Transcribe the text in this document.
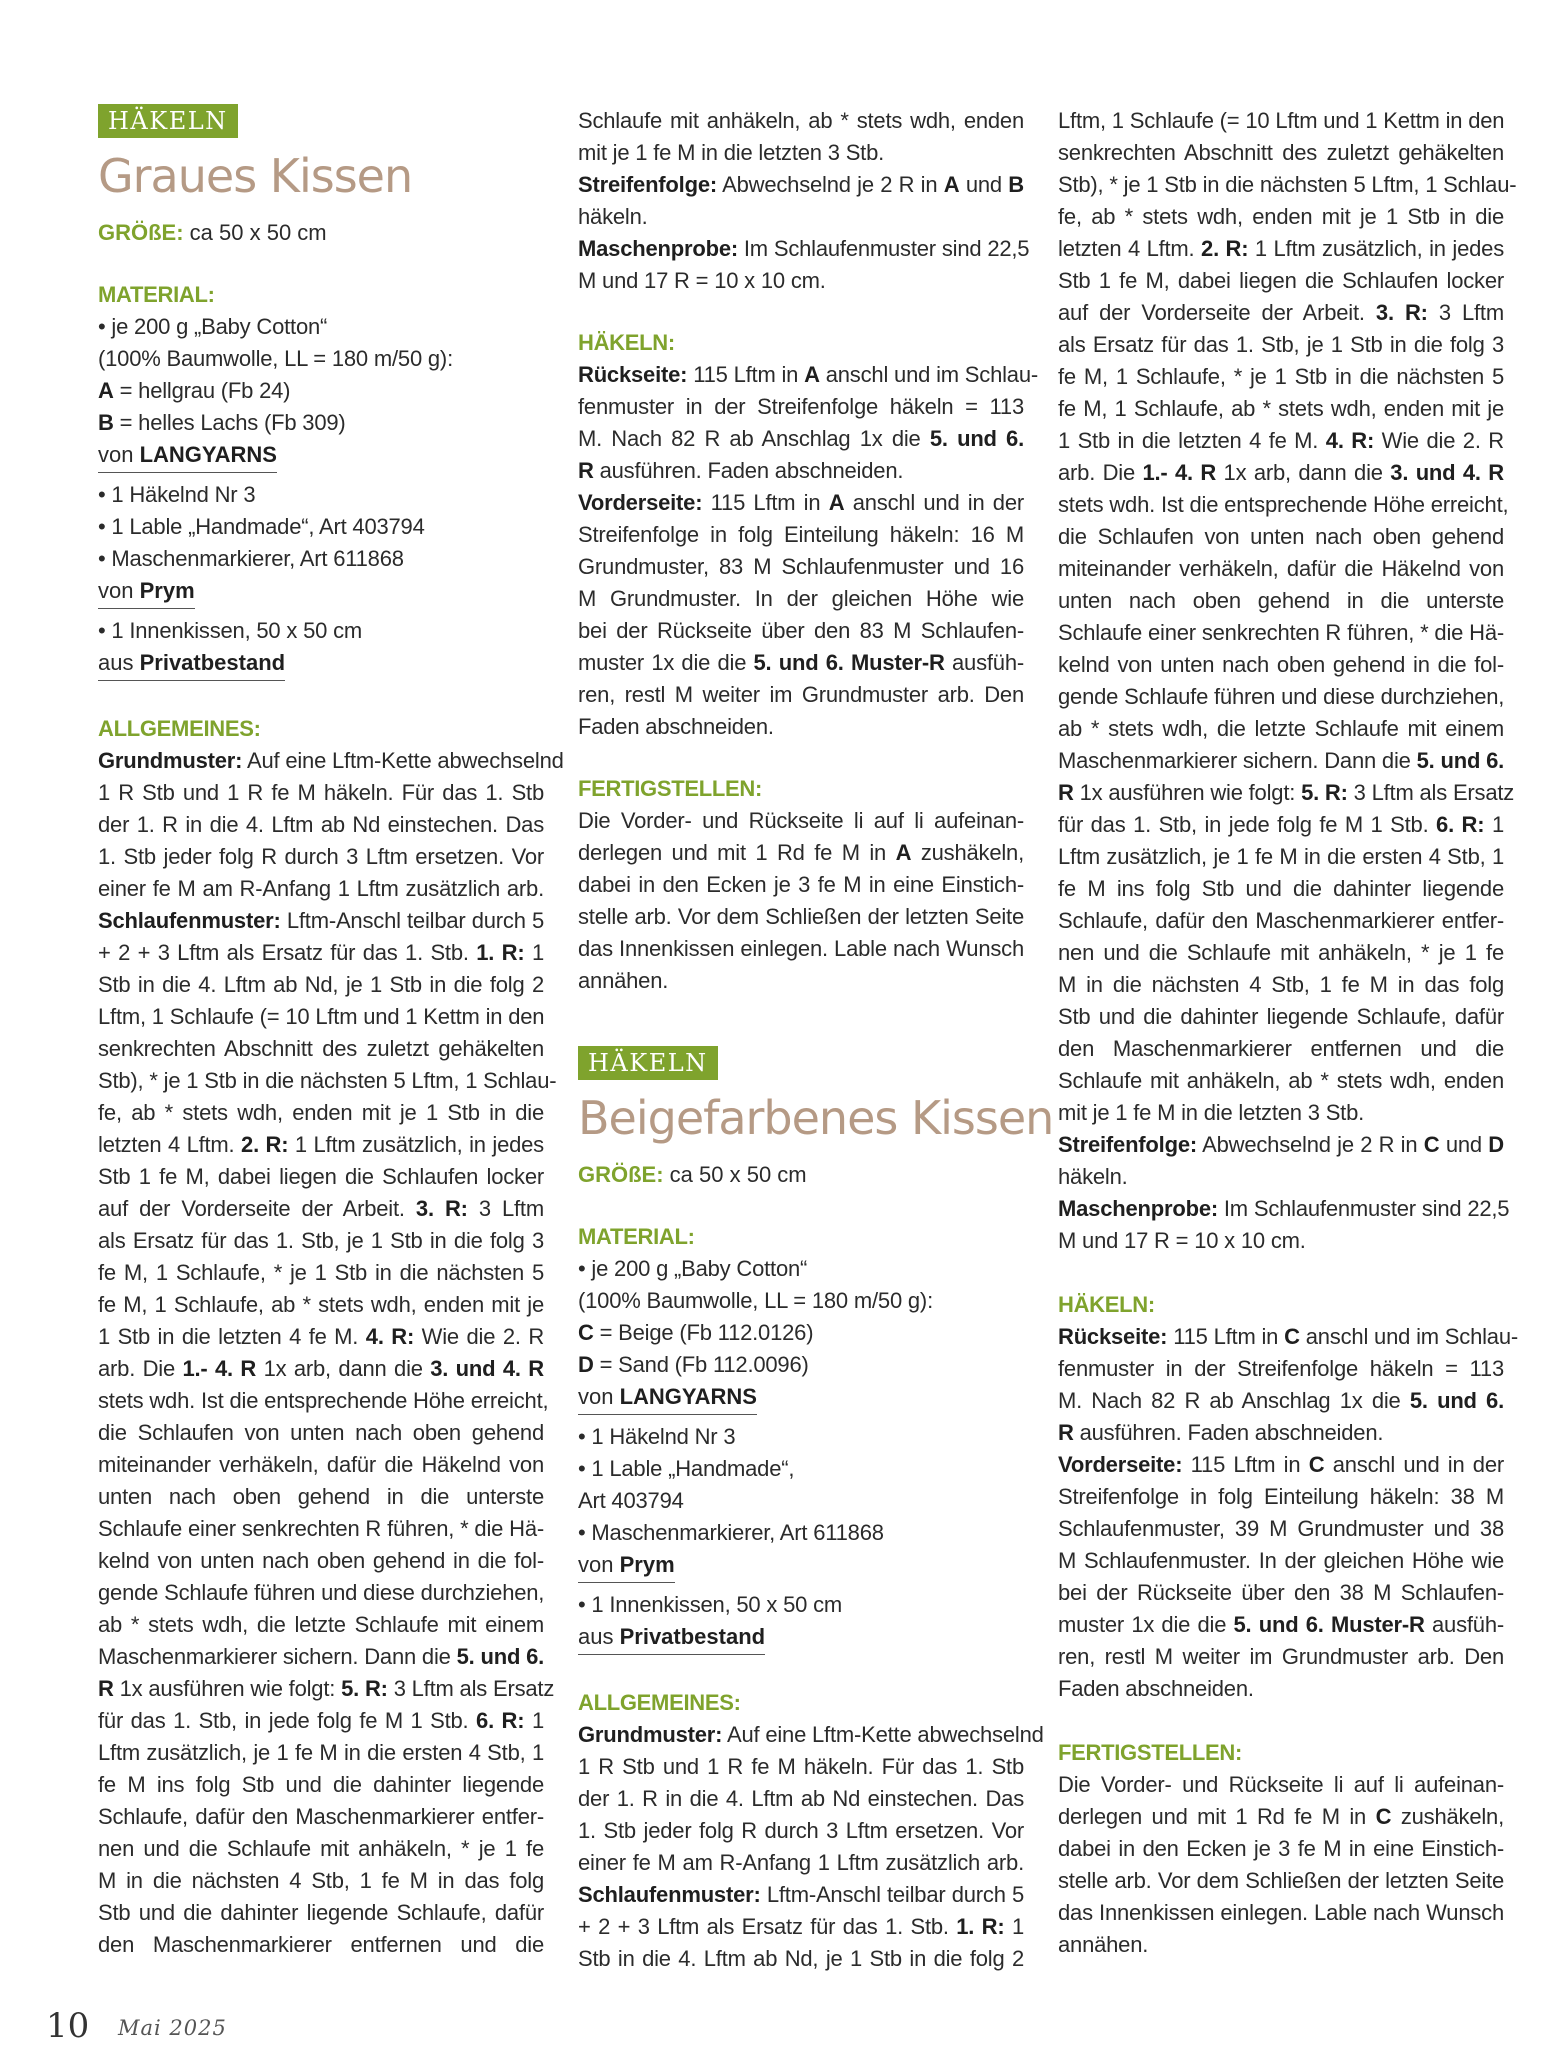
HÄKELN
Graues Kissen
GRÖßE: ca 50 x 50 cm
MATERIAL:
• je 200 g „Baby Cotton“
(100% Baumwolle, LL = 180 m/50 g):
A = hellgrau (Fb 24)
B = helles Lachs (Fb 309)
von LANGYARNS
• 1 Häkelnd Nr 3
• 1 Lable „Handmade“, Art 403794
• Maschenmarkierer, Art 611868
von Prym
• 1 Innenkissen, 50 x 50 cm
aus Privatbestand
ALLGEMEINES:
Grundmuster: Auf eine Lftm-Kette abwechselnd
1 R Stb und 1 R fe M häkeln. Für das 1. Stb
der 1. R in die 4. Lftm ab Nd einstechen. Das
1. Stb jeder folg R durch 3 Lftm ersetzen. Vor
einer fe M am R-Anfang 1 Lftm zusätzlich arb.
Schlaufenmuster: Lftm-Anschl teilbar durch 5
+ 2 + 3 Lftm als Ersatz für das 1. Stb. 1. R: 1
Stb in die 4. Lftm ab Nd, je 1 Stb in die folg 2
Lftm, 1 Schlaufe (= 10 Lftm und 1 Kettm in den
senkrechten Abschnitt des zuletzt gehäkelten
Stb), * je 1 Stb in die nächsten 5 Lftm, 1 Schlau-
fe, ab * stets wdh, enden mit je 1 Stb in die
letzten 4 Lftm. 2. R: 1 Lftm zusätzlich, in jedes
Stb 1 fe M, dabei liegen die Schlaufen locker
auf der Vorderseite der Arbeit. 3. R: 3 Lftm
als Ersatz für das 1. Stb, je 1 Stb in die folg 3
fe M, 1 Schlaufe, * je 1 Stb in die nächsten 5
fe M, 1 Schlaufe, ab * stets wdh, enden mit je
1 Stb in die letzten 4 fe M. 4. R: Wie die 2. R
arb. Die 1.- 4. R 1x arb, dann die 3. und 4. R
stets wdh. Ist die entsprechende Höhe erreicht,
die Schlaufen von unten nach oben gehend
miteinander verhäkeln, dafür die Häkelnd von
unten nach oben gehend in die unterste
Schlaufe einer senkrechten R führen, * die Hä-
kelnd von unten nach oben gehend in die fol-
gende Schlaufe führen und diese durchziehen,
ab * stets wdh, die letzte Schlaufe mit einem
Maschenmarkierer sichern. Dann die 5. und 6.
R 1x ausführen wie folgt: 5. R: 3 Lftm als Ersatz
für das 1. Stb, in jede folg fe M 1 Stb. 6. R: 1
Lftm zusätzlich, je 1 fe M in die ersten 4 Stb, 1
fe M ins folg Stb und die dahinter liegende
Schlaufe, dafür den Maschenmarkierer entfer-
nen und die Schlaufe mit anhäkeln, * je 1 fe
M in die nächsten 4 Stb, 1 fe M in das folg
Stb und die dahinter liegende Schlaufe, dafür
den Maschenmarkierer entfernen und die
Schlaufe mit anhäkeln, ab * stets wdh, enden
mit je 1 fe M in die letzten 3 Stb.
Streifenfolge: Abwechselnd je 2 R in A und B
häkeln.
Maschenprobe: Im Schlaufenmuster sind 22,5
M und 17 R = 10 x 10 cm.
HÄKELN:
Rückseite: 115 Lftm in A anschl und im Schlau-
fenmuster in der Streifenfolge häkeln = 113
M. Nach 82 R ab Anschlag 1x die 5. und 6.
R ausführen. Faden abschneiden.
Vorderseite: 115 Lftm in A anschl und in der
Streifenfolge in folg Einteilung häkeln: 16 M
Grundmuster, 83 M Schlaufenmuster und 16
M Grundmuster. In der gleichen Höhe wie
bei der Rückseite über den 83 M Schlaufen-
muster 1x die die 5. und 6. Muster-R ausfüh-
ren, restl M weiter im Grundmuster arb. Den
Faden abschneiden.
FERTIGSTELLEN:
Die Vorder- und Rückseite li auf li aufeinan-
derlegen und mit 1 Rd fe M in A zushäkeln,
dabei in den Ecken je 3 fe M in eine Einstich-
stelle arb. Vor dem Schließen der letzten Seite
das Innenkissen einlegen. Lable nach Wunsch
annähen.
HÄKELN
Beigefarbenes Kissen
GRÖßE: ca 50 x 50 cm
MATERIAL:
• je 200 g „Baby Cotton“
(100% Baumwolle, LL = 180 m/50 g):
C = Beige (Fb 112.0126)
D = Sand (Fb 112.0096)
von LANGYARNS
• 1 Häkelnd Nr 3
• 1 Lable „Handmade“,
Art 403794
• Maschenmarkierer, Art 611868
von Prym
• 1 Innenkissen, 50 x 50 cm
aus Privatbestand
ALLGEMEINES:
Grundmuster: Auf eine Lftm-Kette abwechselnd
1 R Stb und 1 R fe M häkeln. Für das 1. Stb
der 1. R in die 4. Lftm ab Nd einstechen. Das
1. Stb jeder folg R durch 3 Lftm ersetzen. Vor
einer fe M am R-Anfang 1 Lftm zusätzlich arb.
Schlaufenmuster: Lftm-Anschl teilbar durch 5
+ 2 + 3 Lftm als Ersatz für das 1. Stb. 1. R: 1
Stb in die 4. Lftm ab Nd, je 1 Stb in die folg 2
Lftm, 1 Schlaufe (= 10 Lftm und 1 Kettm in den
senkrechten Abschnitt des zuletzt gehäkelten
Stb), * je 1 Stb in die nächsten 5 Lftm, 1 Schlau-
fe, ab * stets wdh, enden mit je 1 Stb in die
letzten 4 Lftm. 2. R: 1 Lftm zusätzlich, in jedes
Stb 1 fe M, dabei liegen die Schlaufen locker
auf der Vorderseite der Arbeit. 3. R: 3 Lftm
als Ersatz für das 1. Stb, je 1 Stb in die folg 3
fe M, 1 Schlaufe, * je 1 Stb in die nächsten 5
fe M, 1 Schlaufe, ab * stets wdh, enden mit je
1 Stb in die letzten 4 fe M. 4. R: Wie die 2. R
arb. Die 1.- 4. R 1x arb, dann die 3. und 4. R
stets wdh. Ist die entsprechende Höhe erreicht,
die Schlaufen von unten nach oben gehend
miteinander verhäkeln, dafür die Häkelnd von
unten nach oben gehend in die unterste
Schlaufe einer senkrechten R führen, * die Hä-
kelnd von unten nach oben gehend in die fol-
gende Schlaufe führen und diese durchziehen,
ab * stets wdh, die letzte Schlaufe mit einem
Maschenmarkierer sichern. Dann die 5. und 6.
R 1x ausführen wie folgt: 5. R: 3 Lftm als Ersatz
für das 1. Stb, in jede folg fe M 1 Stb. 6. R: 1
Lftm zusätzlich, je 1 fe M in die ersten 4 Stb, 1
fe M ins folg Stb und die dahinter liegende
Schlaufe, dafür den Maschenmarkierer entfer-
nen und die Schlaufe mit anhäkeln, * je 1 fe
M in die nächsten 4 Stb, 1 fe M in das folg
Stb und die dahinter liegende Schlaufe, dafür
den Maschenmarkierer entfernen und die
Schlaufe mit anhäkeln, ab * stets wdh, enden
mit je 1 fe M in die letzten 3 Stb.
Streifenfolge: Abwechselnd je 2 R in C und D
häkeln.
Maschenprobe: Im Schlaufenmuster sind 22,5
M und 17 R = 10 x 10 cm.
HÄKELN:
Rückseite: 115 Lftm in C anschl und im Schlau-
fenmuster in der Streifenfolge häkeln = 113
M. Nach 82 R ab Anschlag 1x die 5. und 6.
R ausführen. Faden abschneiden.
Vorderseite: 115 Lftm in C anschl und in der
Streifenfolge in folg Einteilung häkeln: 38 M
Schlaufenmuster, 39 M Grundmuster und 38
M Schlaufenmuster. In der gleichen Höhe wie
bei der Rückseite über den 38 M Schlaufen-
muster 1x die die 5. und 6. Muster-R ausfüh-
ren, restl M weiter im Grundmuster arb. Den
Faden abschneiden.
FERTIGSTELLEN:
Die Vorder- und Rückseite li auf li aufeinan-
derlegen und mit 1 Rd fe M in C zushäkeln,
dabei in den Ecken je 3 fe M in eine Einstich-
stelle arb. Vor dem Schließen der letzten Seite
das Innenkissen einlegen. Lable nach Wunsch
annähen.
10 Mai 2025
